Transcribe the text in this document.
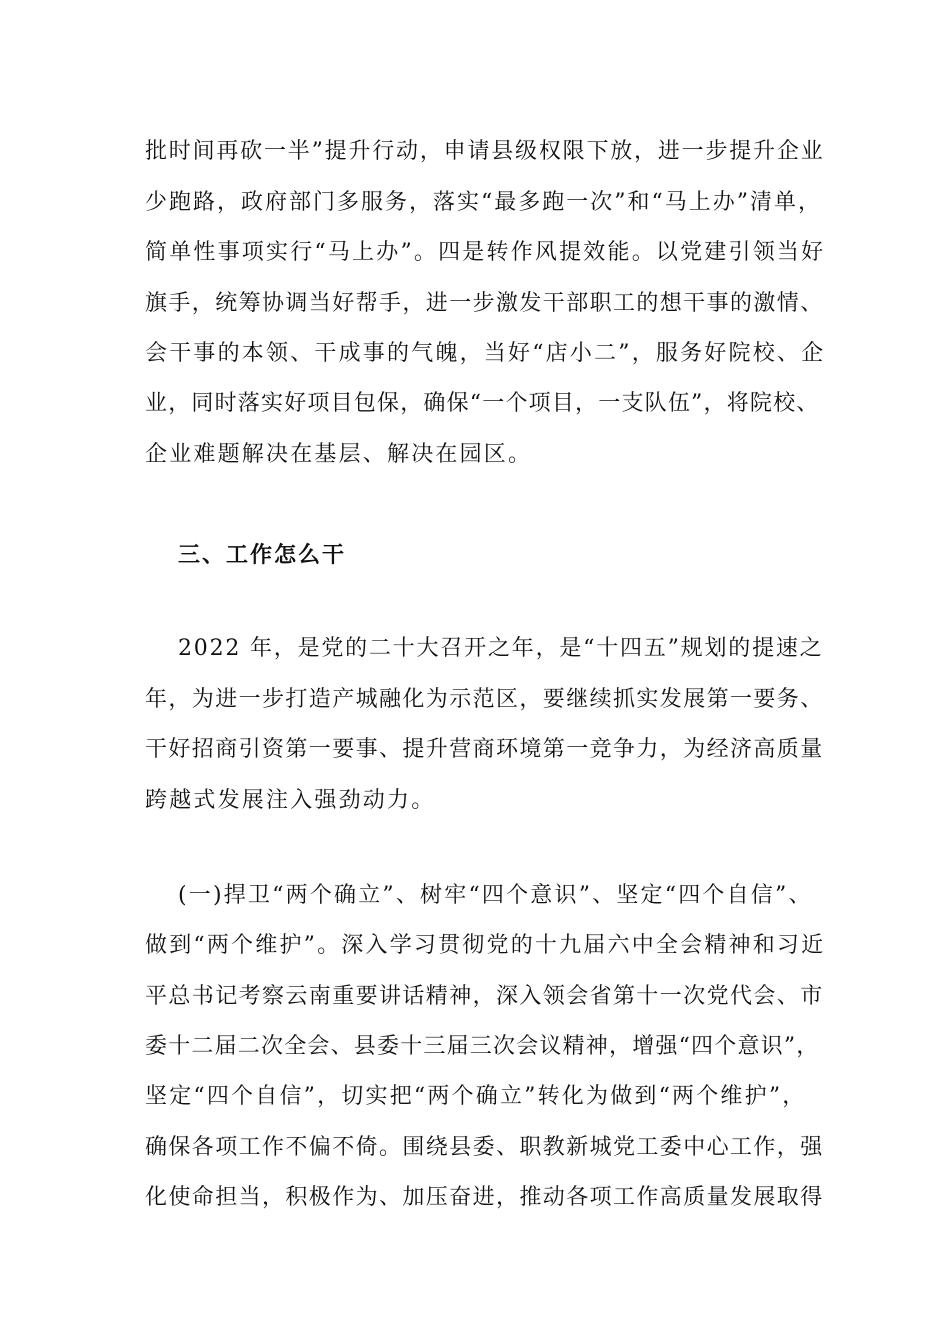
批时间再砍一半”提升行动，申请县级权限下放，进一步提升企业
少跑路，政府部门多服务，落实“最多跑一次”和“马上办”清单，
简单性事项实行“马上办”。四是转作风提效能。以党建引领当好
旗手，统筹协调当好帮手，进一步激发干部职工的想干事的激情、
会干事的本领、干成事的气魄，当好“店小二”，服务好院校、企
业，同时落实好项目包保，确保“一个项目，一支队伍”，将院校、
企业难题解决在基层、解决在园区。
三、工作怎么干
2022 年，是党的二十大召开之年，是“十四五”规划的提速之
年，为进一步打造产城融化为示范区，要继续抓实发展第一要务、
干好招商引资第一要事、提升营商环境第一竞争力，为经济高质量
跨越式发展注入强劲动力。
(一)捍卫“两个确立”、树牢“四个意识”、坚定“四个自信”、
做到“两个维护”。深入学习贯彻党的十九届六中全会精神和习近
平总书记考察云南重要讲话精神，深入领会省第十一次党代会、市
委十二届二次全会、县委十三届三次会议精神，增强“四个意识”，
坚定“四个自信”，切实把“两个确立”转化为做到“两个维护”，
确保各项工作不偏不倚。围绕县委、职教新城党工委中心工作，强
化使命担当，积极作为、加压奋进，推动各项工作高质量发展取得
